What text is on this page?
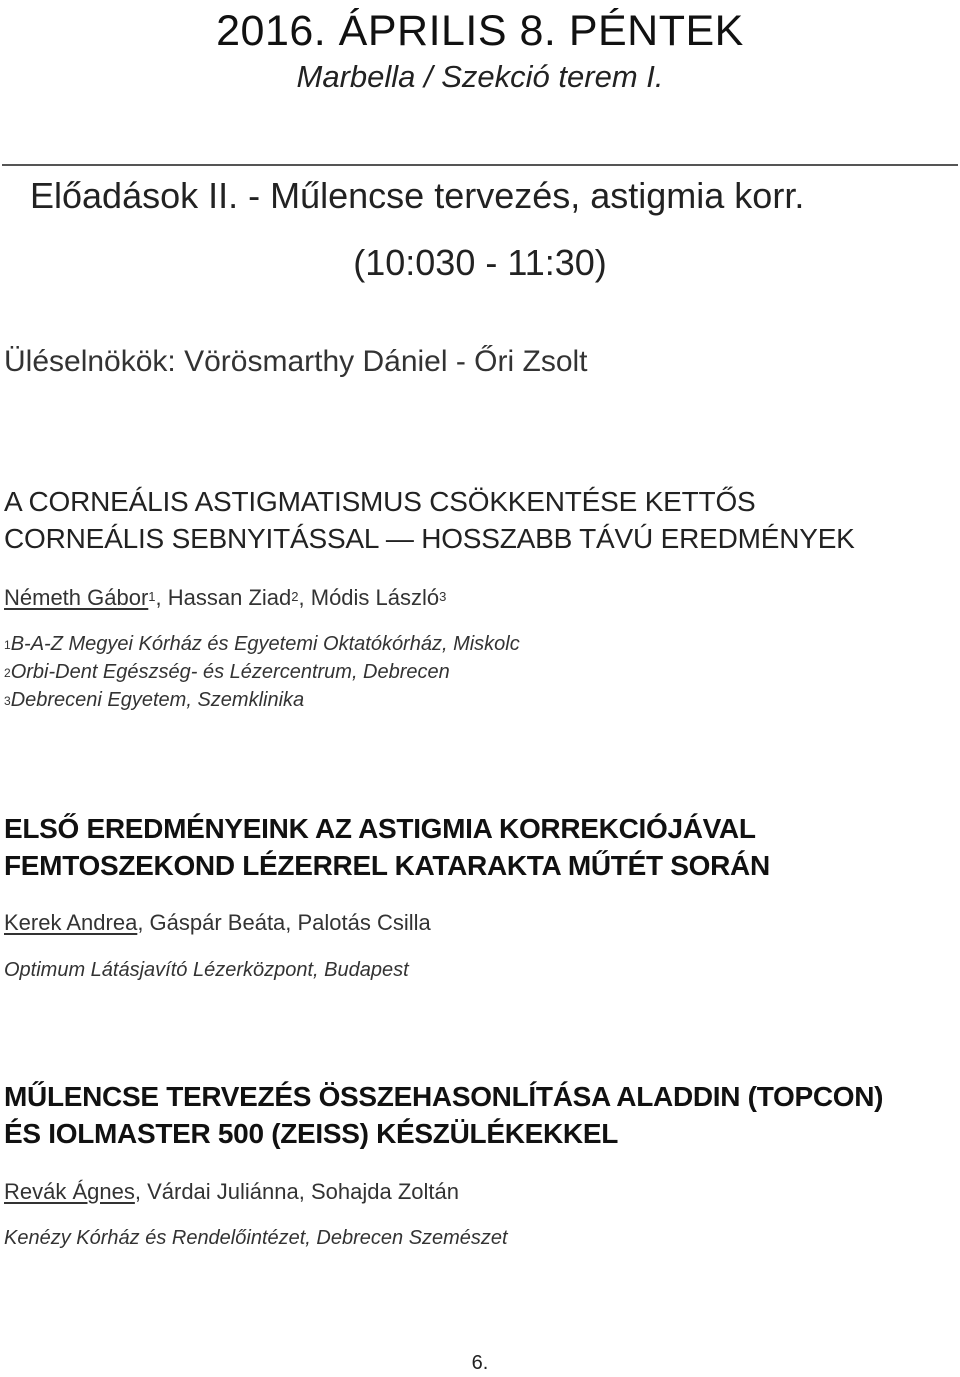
2016. ÁPRILIS 8. PÉNTEK
Marbella / Szekció terem I.
Előadások II. - Műlencse tervezés, astigmia korr.
(10:030 - 11:30)
Üléselnökök: Vörösmarthy Dániel - Őri Zsolt
A CORNEÁLIS ASTIGMATISMUS CSÖKKENTÉSE KETTŐS
CORNEÁLIS SEBNYITÁSSAL — HOSSZABB TÁVÚ EREDMÉNYEK
Németh Gábor$^1$, Hassan Ziad$^2$, Módis László$^3$
$^1$B-A-Z Megyei Kórház és Egyetemi Oktatókórház, Miskolc
$^2$Orbi-Dent Egészség- és Lézercentrum, Debrecen
$^3$Debreceni Egyetem, Szemklinika
ELSŐ EREDMÉNYEINK AZ ASTIGMIA KORREKCIÓJÁVAL
FEMTOSZEKOND LÉZERREL KATARAKTA MŰTÉT SORÁN
Kerek Andrea, Gáspár Beáta, Palotás Csilla
Optimum Látásjavító Lézerközpont, Budapest
MŰLENCSE TERVEZÉS ÖSSZEHASONLÍTÁSA ALADDIN (TOPCON)
ÉS IOLMASTER 500 (ZEISS) KÉSZÜLÉKEKKEL
Revák Ágnes, Várdai Juliánna, Sohajda Zoltán
Kenézy Kórház és Rendelőintézet, Debrecen Szemészet
6.
